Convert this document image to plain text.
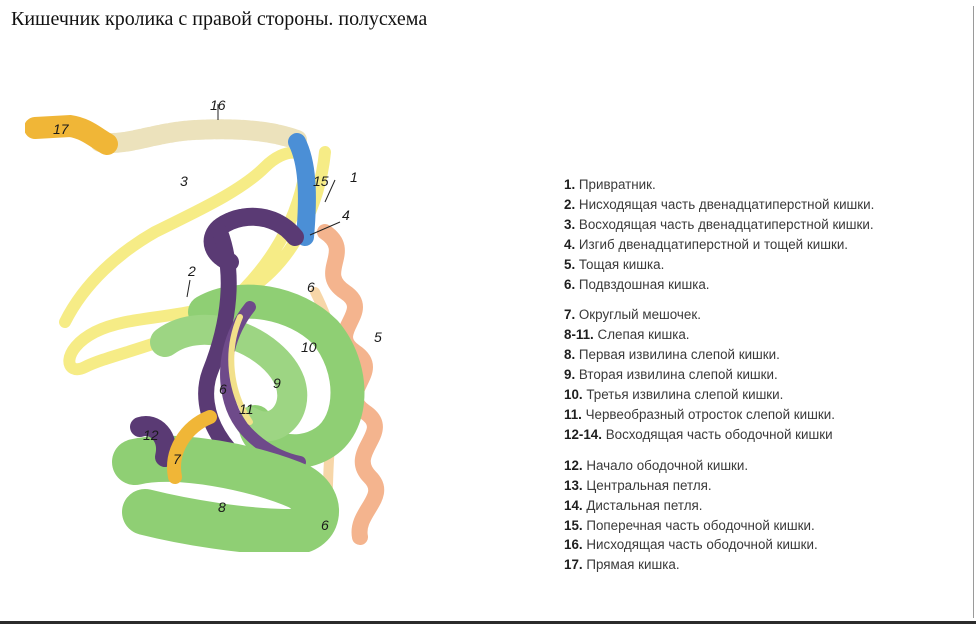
Кишечник кролика с правой стороны. полусхема
1
2
3
4
5
6
6
6
7
8
9
10
11
12
15
16
17
1. Привратник.
2. Нисходящая часть двенадцатиперстной кишки.
3. Восходящая часть двенадцатиперстной кишки.
4. Изгиб двенадцатиперстной и тощей кишки.
5. Тощая кишка.
6. Подвздошная кишка.
7. Округлый мешочек.
8-11. Слепая кишка.
8. Первая извилина слепой кишки.
9. Вторая извилина слепой кишки.
10. Третья извилина слепой кишки.
11. Червеобразный отросток слепой кишки.
12-14. Восходящая часть ободочной кишки
12. Начало ободочной кишки.
13. Центральная петля.
14. Дистальная петля.
15. Поперечная часть ободочной кишки.
16. Нисходящая часть ободочной кишки.
17. Прямая кишка.
